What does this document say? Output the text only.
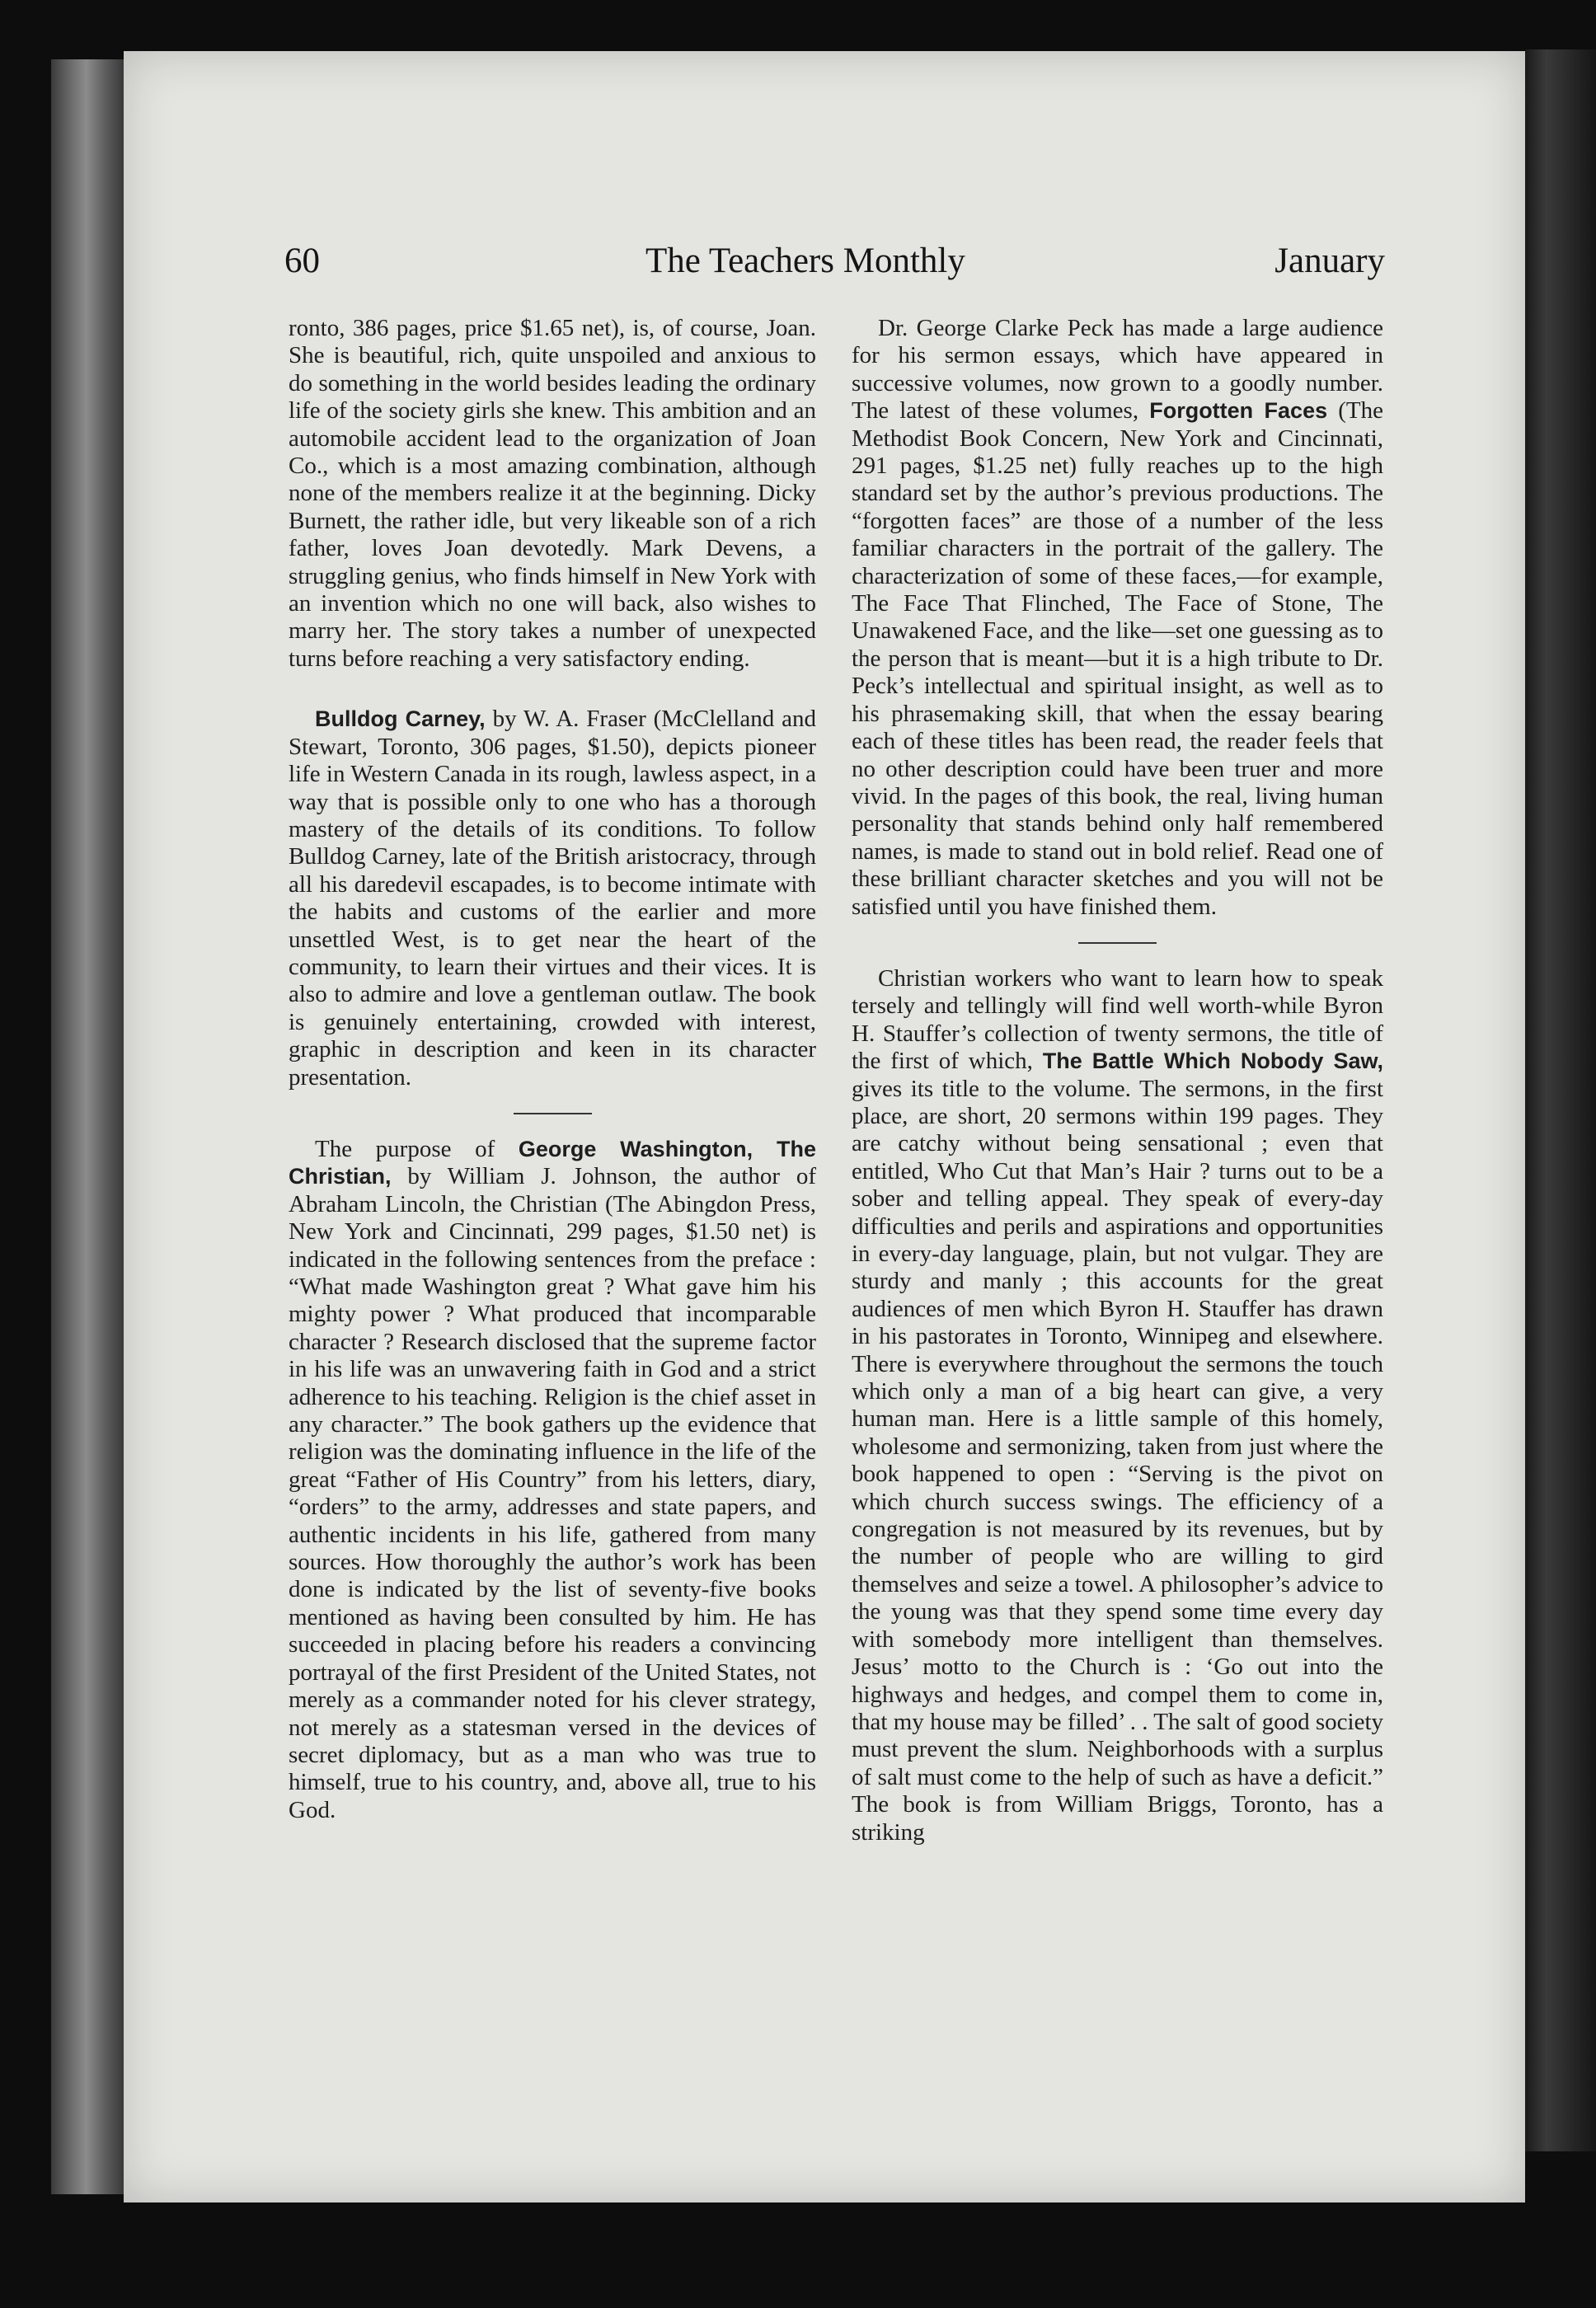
60	The Teachers Monthly	January

ronto, 386 pages, price $1.65 net), is, of course, Joan. She is beautiful, rich, quite unspoiled and anxious to do something in the world besides leading the ordinary life of the society girls she knew. This ambition and an automobile accident lead to the organization of Joan Co., which is a most amazing combination, although none of the members realize it at the beginning. Dicky Burnett, the rather idle, but very likeable son of a rich father, loves Joan devotedly. Mark Devens, a struggling genius, who finds himself in New York with an invention which no one will back, also wishes to marry her. The story takes a number of unexpected turns before reaching a very satisfactory ending.

Bulldog Carney, by W. A. Fraser (McClelland and Stewart, Toronto, 306 pages, $1.50), depicts pioneer life in Western Canada in its rough, lawless aspect, in a way that is possible only to one who has a thorough mastery of the details of its conditions. To follow Bulldog Carney, late of the British aristocracy, through all his daredevil escapades, is to become intimate with the habits and customs of the earlier and more unsettled West, is to get near the heart of the community, to learn their virtues and their vices. It is also to admire and love a gentleman outlaw. The book is genuinely entertaining, crowded with interest, graphic in description and keen in its character presentation.

The purpose of George Washington, The Christian, by William J. Johnson, the author of Abraham Lincoln, the Christian (The Abingdon Press, New York and Cincinnati, 299 pages, $1.50 net) is indicated in the following sentences from the preface : “What made Washington great ? What gave him his mighty power ? What produced that incomparable character ? Research disclosed that the supreme factor in his life was an unwavering faith in God and a strict adherence to his teaching. Religion is the chief asset in any character.” The book gathers up the evidence that religion was the dominating influence in the life of the great “Father of His Country” from his letters, diary, “orders” to the army, addresses and state papers, and authentic incidents in his life, gathered from many sources. How thoroughly the author’s work has been done is indicated by the list of seventy-five books mentioned as having been consulted by him. He has succeeded in placing before his readers a convincing portrayal of the first President of the United States, not merely as a commander noted for his clever strategy, not merely as a statesman versed in the devices of secret diplomacy, but as a man who was true to himself, true to his country, and, above all, true to his God.

Dr. George Clarke Peck has made a large audience for his sermon essays, which have appeared in successive volumes, now grown to a goodly number. The latest of these volumes, Forgotten Faces (The Methodist Book Concern, New York and Cincinnati, 291 pages, $1.25 net) fully reaches up to the high standard set by the author’s previous productions. The “forgotten faces” are those of a number of the less familiar characters in the portrait of the gallery. The characterization of some of these faces,—for example, The Face That Flinched, The Face of Stone, The Unawakened Face, and the like—set one guessing as to the person that is meant—but it is a high tribute to Dr. Peck’s intellectual and spiritual insight, as well as to his phrasemaking skill, that when the essay bearing each of these titles has been read, the reader feels that no other description could have been truer and more vivid. In the pages of this book, the real, living human personality that stands behind only half remembered names, is made to stand out in bold relief. Read one of these brilliant character sketches and you will not be satisfied until you have finished them.

Christian workers who want to learn how to speak tersely and tellingly will find well worth-while Byron H. Stauffer’s collection of twenty sermons, the title of the first of which, The Battle Which Nobody Saw, gives its title to the volume. The sermons, in the first place, are short, 20 sermons within 199 pages. They are catchy without being sensational ; even that entitled, Who Cut that Man’s Hair ? turns out to be a sober and telling appeal. They speak of every-day difficulties and perils and aspirations and opportunities in every-day language, plain, but not vulgar. They are sturdy and manly ; this accounts for the great audiences of men which Byron H. Stauffer has drawn in his pastorates in Toronto, Winnipeg and elsewhere. There is everywhere throughout the sermons the touch which only a man of a big heart can give, a very human man. Here is a little sample of this homely, wholesome and sermonizing, taken from just where the book happened to open : “Serving is the pivot on which church success swings. The efficiency of a congregation is not measured by its revenues, but by the number of people who are willing to gird themselves and seize a towel. A philosopher’s advice to the young was that they spend some time every day with somebody more intelligent than themselves. Jesus’ motto to the Church is : ‘Go out into the highways and hedges, and compel them to come in, that my house may be filled’ . . The salt of good society must prevent the slum. Neighborhoods with a surplus of salt must come to the help of such as have a deficit.” The book is from William Briggs, Toronto, has a striking
